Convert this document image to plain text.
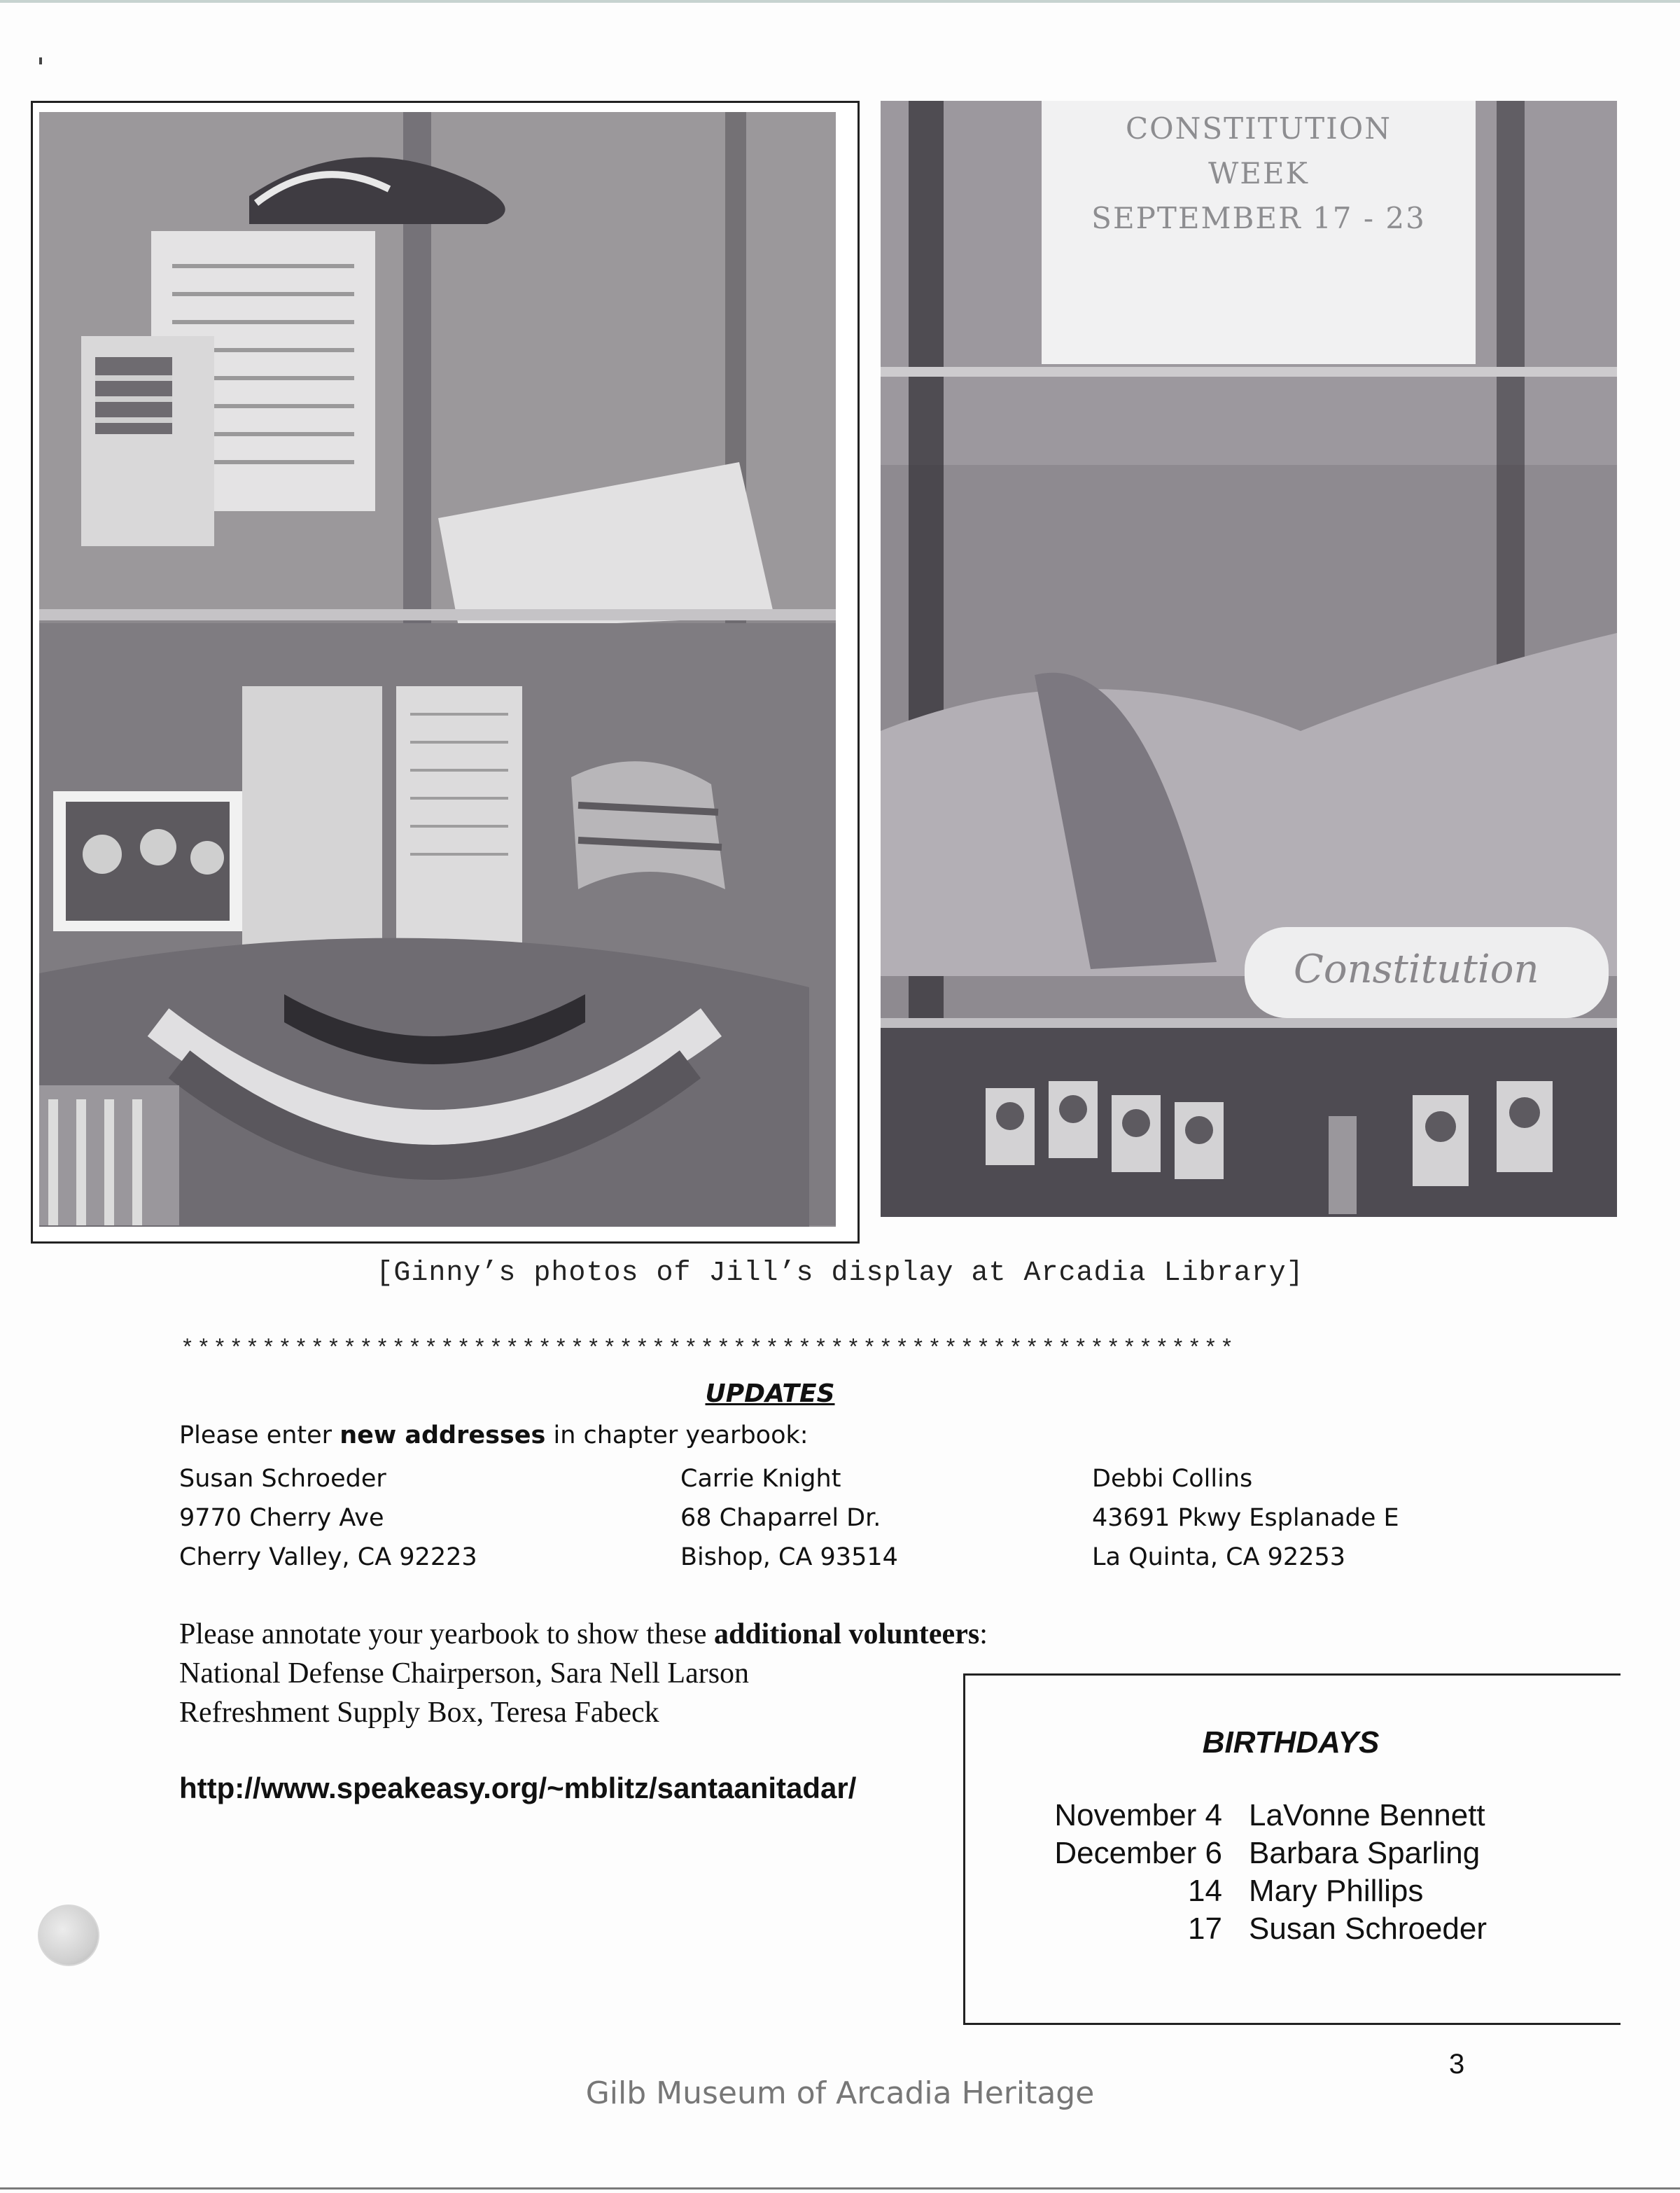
CONSTITUTION
WEEK
SEPTEMBER 17 - 23
Constitution
[Ginny’s photos of Jill’s display at Arcadia Library]
*****************************************************************
UPDATES
Please enter new addresses in chapter yearbook:
Susan Schroeder
9770 Cherry Ave
Cherry Valley, CA 92223
Carrie Knight
68 Chaparrel Dr.
Bishop, CA 93514
Debbi Collins
43691 Pkwy Esplanade E
La Quinta, CA 92253
Please annotate your yearbook to show these additional volunteers:
National Defense Chairperson, Sara Nell Larson
Refreshment Supply Box, Teresa Fabeck
http://www.speakeasy.org/~mblitz/santaanitadar/
BIRTHDAYS
November 4 LaVonne Bennett
December 6 Barbara Sparling
14 Mary Phillips
17 Susan Schroeder
3
Gilb Museum of Arcadia Heritage
